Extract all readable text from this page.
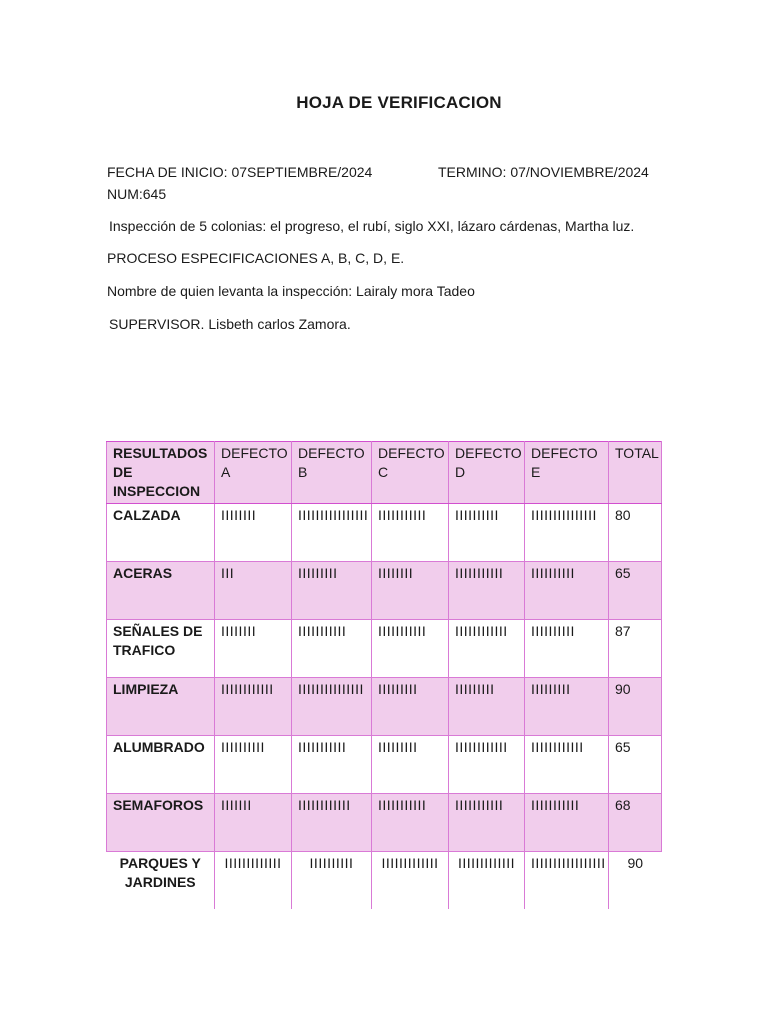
HOJA DE VERIFICACION
FECHA DE INICIO: 07SEPTIEMBRE/2024	TERMINO: 07/NOVIEMBRE/2024
NUM:645
Inspección de 5 colonias: el progreso, el rubí, siglo XXI, lázaro cárdenas, Martha luz.
PROCESO ESPECIFICACIONES A, B, C, D, E.
Nombre de quien levanta la inspección: Lairaly mora Tadeo
SUPERVISOR. Lisbeth carlos Zamora.
RESULTADOS DE INSPECCION	DEFECTO A	DEFECTO B	DEFECTO C	DEFECTO D	DEFECTO E	TOTAL
CALZADA	IIIIIIII	IIIIIIIIIIIIIIII	IIIIIIIIIII	IIIIIIIIII	IIIIIIIIIIIIIII	80
ACERAS	III	IIIIIIIII	IIIIIIII	IIIIIIIIIII	IIIIIIIIII	65
SEÑALES DE TRAFICO	IIIIIIII	IIIIIIIIIII	IIIIIIIIIII	IIIIIIIIIIII	IIIIIIIIII	87
LIMPIEZA	IIIIIIIIIIII	IIIIIIIIIIIIIII	IIIIIIIII	IIIIIIIII	IIIIIIIII	90
ALUMBRADO	IIIIIIIIII	IIIIIIIIIII	IIIIIIIII	IIIIIIIIIIII	IIIIIIIIIIII	65
SEMAFOROS	IIIIIII	IIIIIIIIIIII	IIIIIIIIIII	IIIIIIIIIII	IIIIIIIIIII	68
PARQUES Y JARDINES	IIIIIIIIIIIII	IIIIIIIIII	IIIIIIIIIIIII	IIIIIIIIIIIII	IIIIIIIIIIIIIIIII	90
